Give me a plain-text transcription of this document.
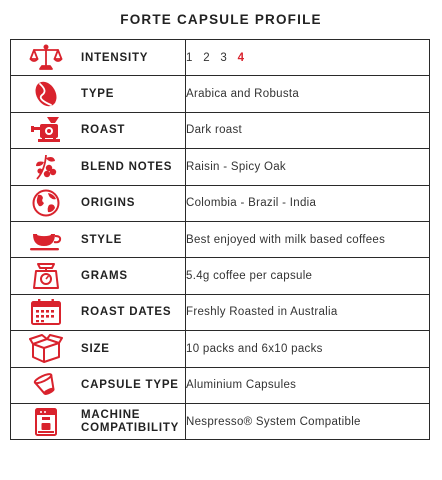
FORTE CAPSULE PROFILE
	INTENSITY	1 2 3 4

	TYPE	Arabica and Robusta

	ROAST	Dark roast

	BLEND NOTES	Raisin - Spicy Oak

	ORIGINS	Colombia - Brazil - India

	STYLE	Best enjoyed with milk based coffees

	GRAMS	5.4g coffee per capsule

	ROAST DATES	Freshly Roasted in Australia

	SIZE	10 packs and 6x10 packs

	CAPSULE TYPE	Aluminium Capsules

MACHINE
COMPATIBILITY	Nespresso® System Compatible
